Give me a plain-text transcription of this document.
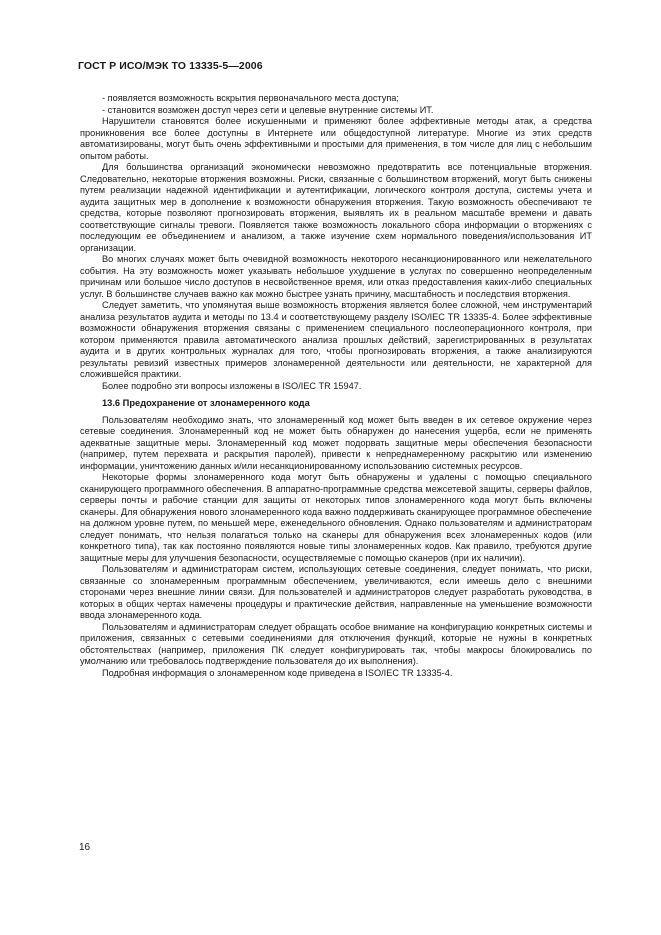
ГОСТ Р ИСО/МЭК ТО 13335-5—2006

- появляется возможность вскрытия первоначального места доступа;

- становится возможен доступ через сети и целевые внутренние системы ИТ.

Нарушители становятся более искушенными и применяют более эффективные методы атак, а средства проникновения все более доступны в Интернете или общедоступной литературе. Многие из этих средств автоматизированы, могут быть очень эффективными и простыми для применения, в том числе для лиц с небольшим опытом работы.

Для большинства организаций экономически невозможно предотвратить все потенциальные вторжения. Следовательно, некоторые вторжения возможны. Риски, связанные с большинством вторжений, могут быть снижены путем реализации надежной идентификации и аутентификации, логического контроля доступа, системы учета и аудита защитных мер в дополнение к возможности обнаружения вторжения. Такую возможность обеспечивают те средства, которые позволяют прогнозировать вторжения, выявлять их в реальном масштабе времени и давать соответствующие сигналы тревоги. Появляется также возможность локального сбора информации о вторжениях с последующим ее объединением и анализом, а также изучение схем нормального поведения/использования ИТ организации.

Во многих случаях может быть очевидной возможность некоторого несанкционированного или нежелательного события. На эту возможность может указывать небольшое ухудшение в услугах по совершенно неопределенным причинам или большое число доступов в несвойственное время, или отказ предоставления каких-либо специальных услуг. В большинстве случаев важно как можно быстрее узнать причину, масштабность и последствия вторжения.

Следует заметить, что упомянутая выше возможность вторжения является более сложной, чем инструментарий анализа результатов аудита и методы по 13.4 и соответствующему разделу ISO/IEC TR 13335-4. Более эффективные возможности обнаружения вторжения связаны с применением специального послеоперационного контроля, при котором применяются правила автоматического анализа прошлых действий, зарегистрированных в результатах аудита и в других контрольных журналах для того, чтобы прогнозировать вторжения, а также анализируются результаты ревизий известных примеров злонамеренной деятельности или деятельности, не характерной для сложившейся практики.

Более подробно эти вопросы изложены в ISO/IEC TR 15947.

13.6 Предохранение от злонамеренного кода

Пользователям необходимо знать, что злонамеренный код может быть введен в их сетевое окружение через сетевые соединения. Злонамеренный код не может быть обнаружен до нанесения ущерба, если не применять адекватные защитные меры. Злонамеренный код может подорвать защитные меры обеспечения безопасности (например, путем перехвата и раскрытия паролей), привести к непреднамеренному раскрытию или изменению информации, уничтожению данных и/или несанкционированному использованию системных ресурсов.

Некоторые формы злонамеренного кода могут быть обнаружены и удалены с помощью специального сканирующего программного обеспечения. В аппаратно-программные средства межсетевой защиты, серверы файлов, серверы почты и рабочие станции для защиты от некоторых типов злонамеренного кода могут быть включены сканеры. Для обнаружения нового злонамеренного кода важно поддерживать сканирующее программное обеспечение на должном уровне путем, по меньшей мере, еженедельного обновления. Однако пользователям и администраторам следует понимать, что нельзя полагаться только на сканеры для обнаружения всех злонамеренных кодов (или конкретного типа), так как постоянно появляются новые типы злонамеренных кодов. Как правило, требуются другие защитные меры для улучшения безопасности, осуществляемые с помощью сканеров (при их наличии).

Пользователям и администраторам систем, использующих сетевые соединения, следует понимать, что риски, связанные со злонамеренным программным обеспечением, увеличиваются, если имеешь дело с внешними сторонами через внешние линии связи. Для пользователей и администраторов следует разработать руководства, в которых в общих чертах намечены процедуры и практические действия, направленные на уменьшение возможности ввода злонамеренного кода.

Пользователям и администраторам следует обращать особое внимание на конфигурацию конкретных системы и приложения, связанных с сетевыми соединениями для отключения функций, которые не нужны в конкретных обстоятельствах (например, приложения ПК следует конфигурировать так, чтобы макросы блокировались по умолчанию или требовалось подтверждение пользователя до их выполнения).

Подробная информация о злонамеренном коде приведена в ISO/IEC TR 13335-4.

16
